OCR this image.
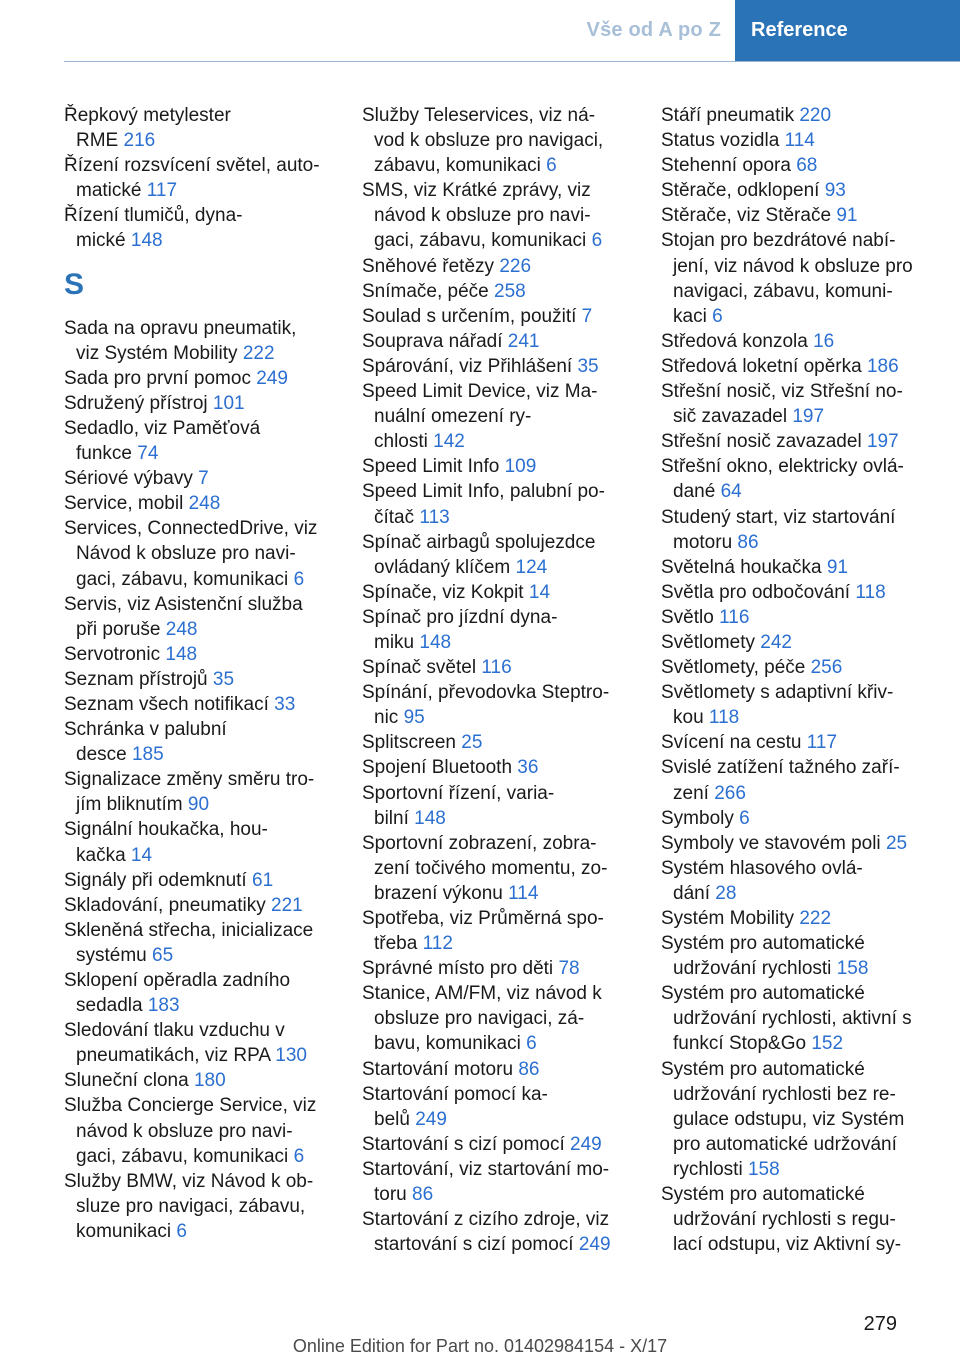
Vše od A po Z	Reference
Řepkový metylester
RME 216
Řízení rozsvícení světel, auto-
matické 117
Řízení tlumičů, dyna-
mické 148
S
Sada na opravu pneumatik,
viz Systém Mobility 222
Sada pro první pomoc 249
Sdružený přístroj 101
Sedadlo, viz Paměťová
funkce 74
Sériové výbavy 7
Service, mobil 248
Services, ConnectedDrive, viz
Návod k obsluze pro navi-
gaci, zábavu, komunikaci 6
Servis, viz Asistenční služba
při poruše 248
Servotronic 148
Seznam přístrojů 35
Seznam všech notifikací 33
Schránka v palubní
desce 185
Signalizace změny směru tro-
jím bliknutím 90
Signální houkačka, hou-
kačka 14
Signály při odemknutí 61
Skladování, pneumatiky 221
Skleněná střecha, inicializace
systému 65
Sklopení opěradla zadního
sedadla 183
Sledování tlaku vzduchu v
pneumatikách, viz RPA 130
Sluneční clona 180
Služba Concierge Service, viz
návod k obsluze pro navi-
gaci, zábavu, komunikaci 6
Služby BMW, viz Návod k ob-
sluze pro navigaci, zábavu,
komunikaci 6
Služby Teleservices, viz ná-
vod k obsluze pro navigaci,
zábavu, komunikaci 6
SMS, viz Krátké zprávy, viz
návod k obsluze pro navi-
gaci, zábavu, komunikaci 6
Sněhové řetězy 226
Snímače, péče 258
Soulad s určením, použití 7
Souprava nářadí 241
Spárování, viz Přihlášení 35
Speed Limit Device, viz Ma-
nuální omezení ry-
chlosti 142
Speed Limit Info 109
Speed Limit Info, palubní po-
čítač 113
Spínač airbagů spolujezdce
ovládaný klíčem 124
Spínače, viz Kokpit 14
Spínač pro jízdní dyna-
miku 148
Spínač světel 116
Spínání, převodovka Steptro-
nic 95
Splitscreen 25
Spojení Bluetooth 36
Sportovní řízení, varia-
bilní 148
Sportovní zobrazení, zobra-
zení točivého momentu, zo-
brazení výkonu 114
Spotřeba, viz Průměrná spo-
třeba 112
Správné místo pro děti 78
Stanice, AM/FM, viz návod k
obsluze pro navigaci, zá-
bavu, komunikaci 6
Startování motoru 86
Startování pomocí ka-
belů 249
Startování s cizí pomocí 249
Startování, viz startování mo-
toru 86
Startování z cizího zdroje, viz
startování s cizí pomocí 249
Stáří pneumatik 220
Status vozidla 114
Stehenní opora 68
Stěrače, odklopení 93
Stěrače, viz Stěrače 91
Stojan pro bezdrátové nabí-
jení, viz návod k obsluze pro
navigaci, zábavu, komuni-
kaci 6
Středová konzola 16
Středová loketní opěrka 186
Střešní nosič, viz Střešní no-
sič zavazadel 197
Střešní nosič zavazadel 197
Střešní okno, elektricky ovlá-
dané 64
Studený start, viz startování
motoru 86
Světelná houkačka 91
Světla pro odbočování 118
Světlo 116
Světlomety 242
Světlomety, péče 256
Světlomety s adaptivní křiv-
kou 118
Svícení na cestu 117
Svislé zatížení tažného zaří-
zení 266
Symboly 6
Symboly ve stavovém poli 25
Systém hlasového ovlá-
dání 28
Systém Mobility 222
Systém pro automatické
udržování rychlosti 158
Systém pro automatické
udržování rychlosti, aktivní s
funkcí Stop&Go 152
Systém pro automatické
udržování rychlosti bez re-
gulace odstupu, viz Systém
pro automatické udržování
rychlosti 158
Systém pro automatické
udržování rychlosti s regu-
lací odstupu, viz Aktivní sy-
279
Online Edition for Part no. 01402984154 - X/17
